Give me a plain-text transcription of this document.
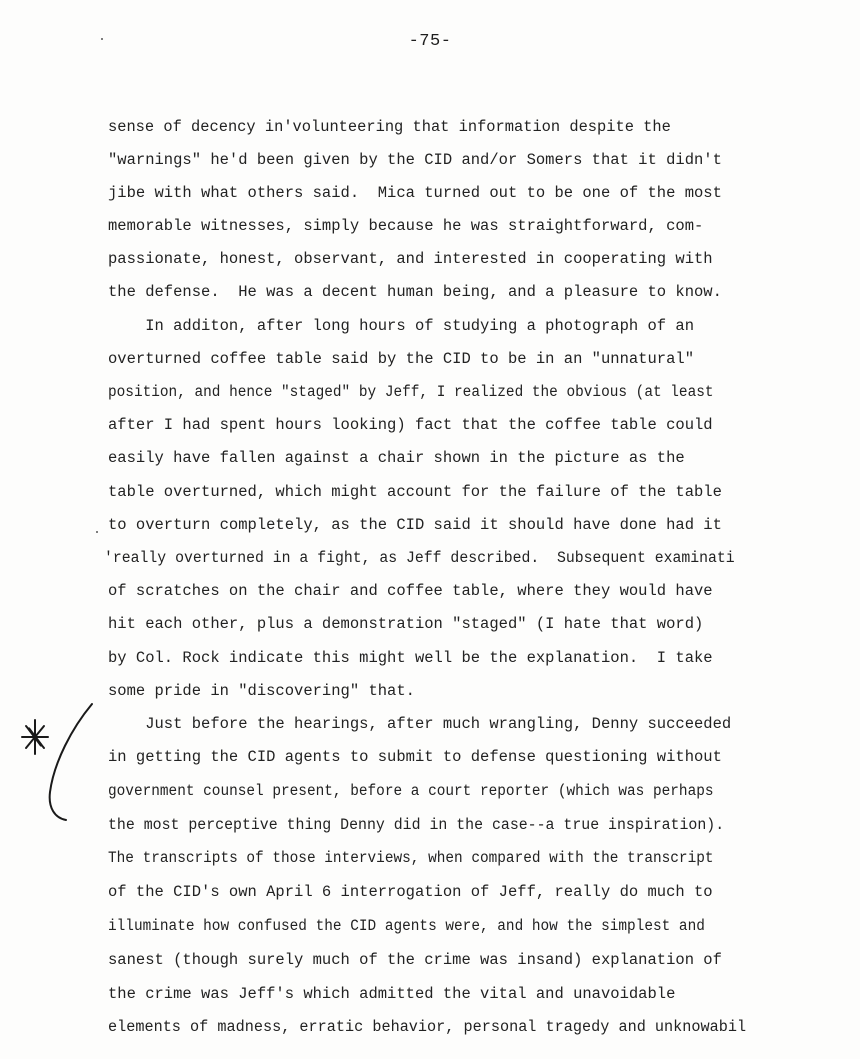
-75-
sense of decency in'volunteering that information despite the
"warnings" he'd been given by the CID and/or Somers that it didn't
jibe with what others said.  Mica turned out to be one of the most
memorable witnesses, simply because he was straightforward, com-
passionate, honest, observant, and interested in cooperating with
the defense.  He was a decent human being, and a pleasure to know.
In additon, after long hours of studying a photograph of an
overturned coffee table said by the CID to be in an "unnatural"
position, and hence "staged" by Jeff, I realized the obvious (at least
after I had spent hours looking) fact that the coffee table could
easily have fallen against a chair shown in the picture as the
table overturned, which might account for the failure of the table
to overturn completely, as the CID said it should have done had it
'really overturned in a fight, as Jeff described.  Subsequent examinati
of scratches on the chair and coffee table, where they would have
hit each other, plus a demonstration "staged" (I hate that word)
by Col. Rock indicate this might well be the explanation.  I take
some pride in "discovering" that.
Just before the hearings, after much wrangling, Denny succeeded
in getting the CID agents to submit to defense questioning without
government counsel present, before a court reporter (which was perhaps
the most perceptive thing Denny did in the case--a true inspiration).
The transcripts of those interviews, when compared with the transcript
of the CID's own April 6 interrogation of Jeff, really do much to
illuminate how confused the CID agents were, and how the simplest and
sanest (though surely much of the crime was insand) explanation of
the crime was Jeff's which admitted the vital and unavoidable
elements of madness, erratic behavior, personal tragedy and unknowabil
